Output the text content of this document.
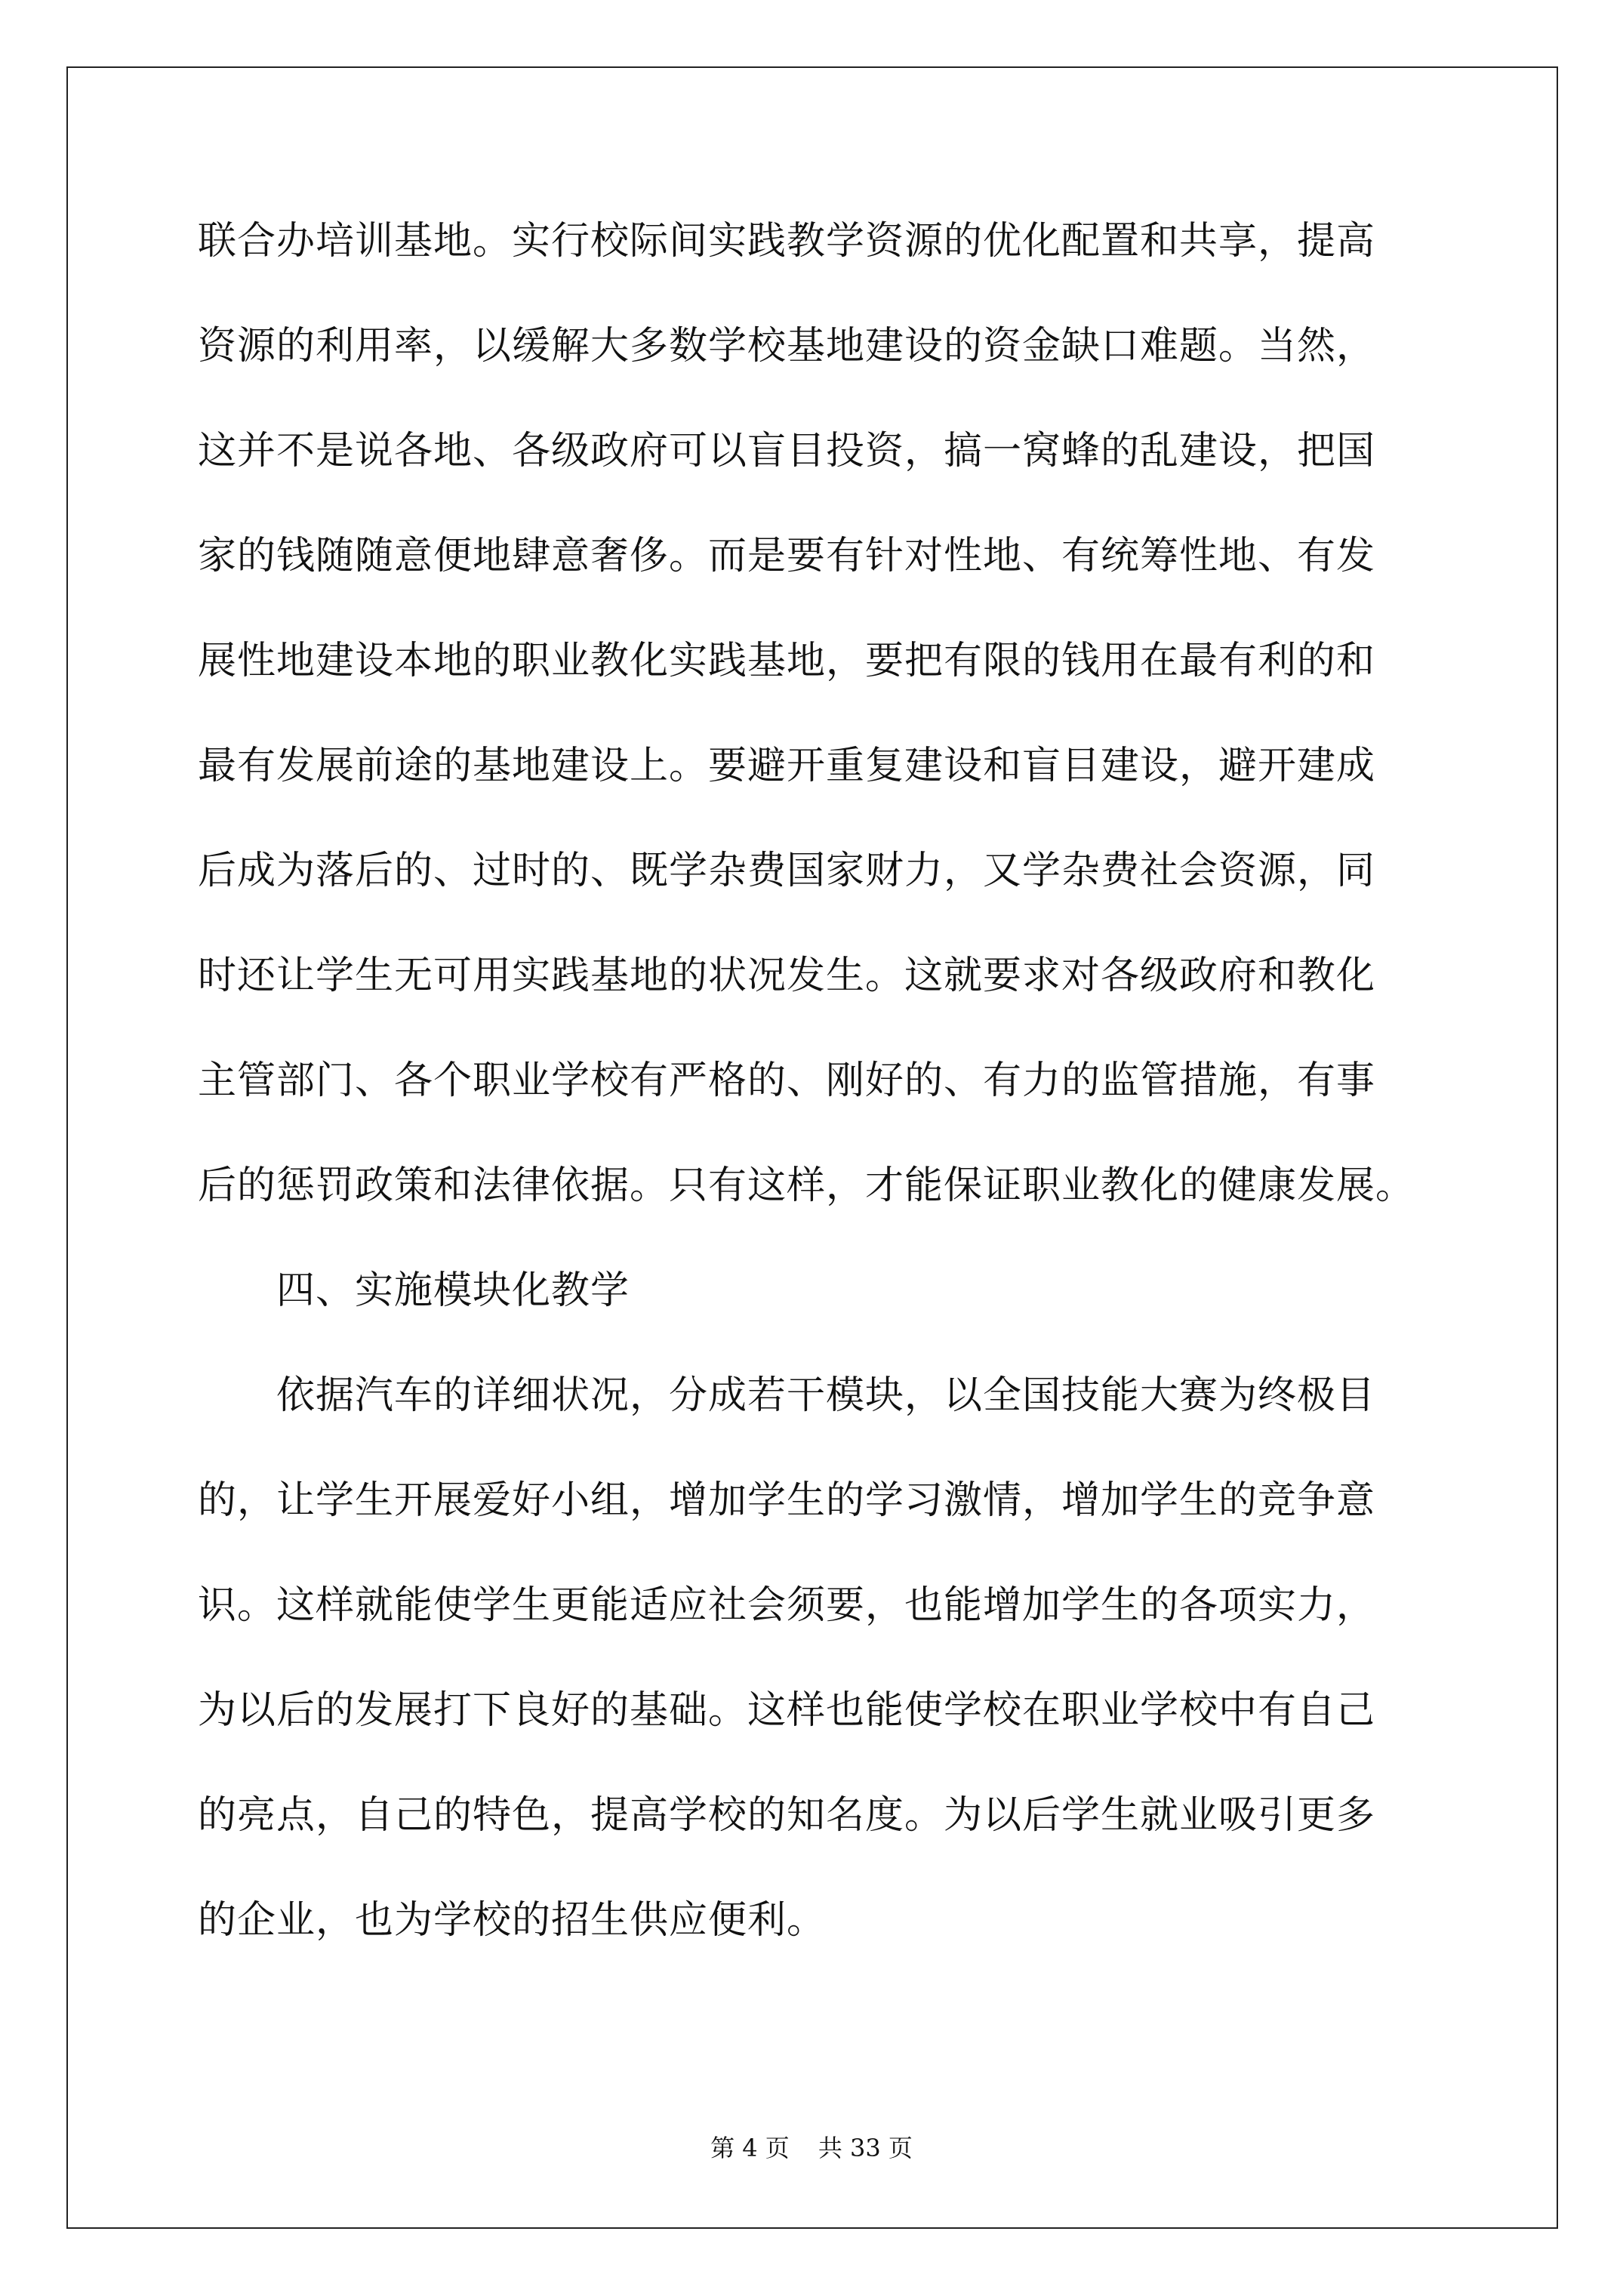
联合办培训基地。实行校际间实践教学资源的优化配置和共享，提高
资源的利用率，以缓解大多数学校基地建设的资金缺口难题。当然，
这并不是说各地、各级政府可以盲目投资，搞一窝蜂的乱建设，把国
家的钱随随意便地肆意奢侈。而是要有针对性地、有统筹性地、有发
展性地建设本地的职业教化实践基地，要把有限的钱用在最有利的和
最有发展前途的基地建设上。要避开重复建设和盲目建设，避开建成
后成为落后的、过时的、既学杂费国家财力，又学杂费社会资源，同
时还让学生无可用实践基地的状况发生。这就要求对各级政府和教化
主管部门、各个职业学校有严格的、刚好的、有力的监管措施，有事
后的惩罚政策和法律依据。只有这样，才能保证职业教化的健康发展。
四、实施模块化教学
依据汽车的详细状况，分成若干模块，以全国技能大赛为终极目
的，让学生开展爱好小组，增加学生的学习激情，增加学生的竞争意
识。这样就能使学生更能适应社会须要，也能增加学生的各项实力，
为以后的发展打下良好的基础。这样也能使学校在职业学校中有自己
的亮点，自己的特色，提高学校的知名度。为以后学生就业吸引更多
的企业，也为学校的招生供应便利。
第 4 页 共 33 页
